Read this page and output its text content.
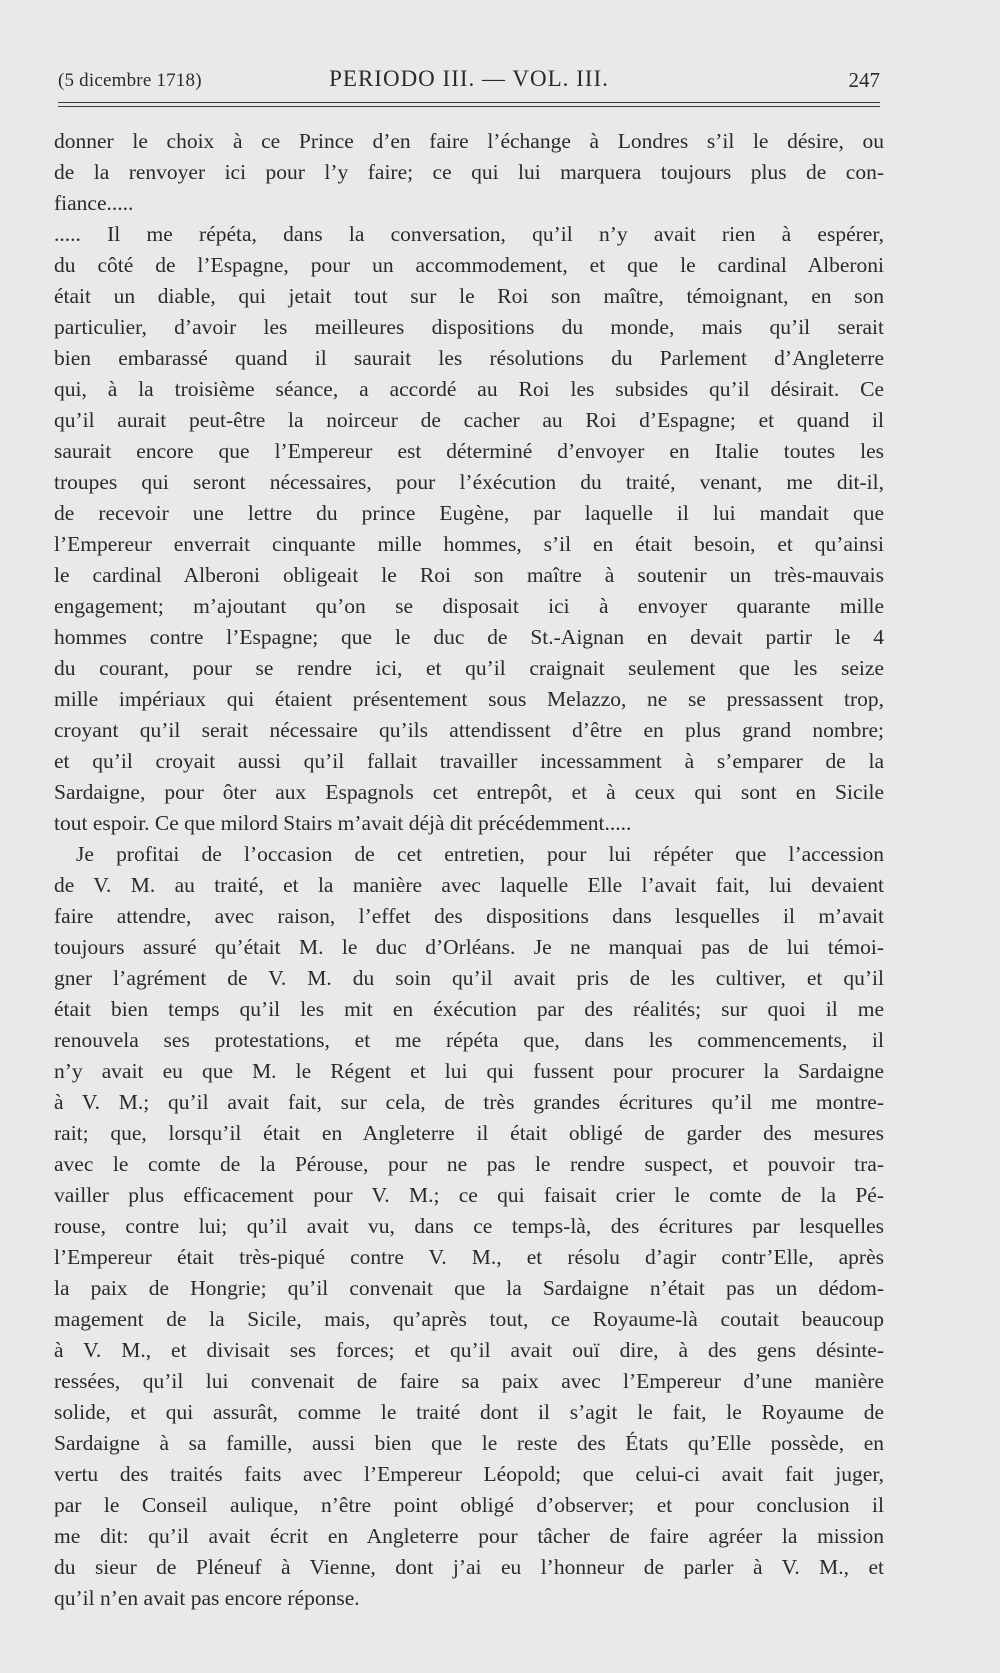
(5 dicembre 1718)	PERIODO III. — VOL. III.	247
donner le choix à ce Prince d’en faire l’échange à Londres s’il le désire, ou
de la renvoyer ici pour l’y faire; ce qui lui marquera toujours plus de con-
fiance.....
..... Il me répéta, dans la conversation, qu’il n’y avait rien à espérer,
du côté de l’Espagne, pour un accommodement, et que le cardinal Alberoni
était un diable, qui jetait tout sur le Roi son maître, témoignant, en son
particulier, d’avoir les meilleures dispositions du monde, mais qu’il serait
bien embarassé quand il saurait les résolutions du Parlement d’Angleterre
qui, à la troisième séance, a accordé au Roi les subsides qu’il désirait. Ce
qu’il aurait peut-être la noirceur de cacher au Roi d’Espagne; et quand il
saurait encore que l’Empereur est déterminé d’envoyer en Italie toutes les
troupes qui seront nécessaires, pour l’éxécution du traité, venant, me dit-il,
de recevoir une lettre du prince Eugène, par laquelle il lui mandait que
l’Empereur enverrait cinquante mille hommes, s’il en était besoin, et qu’ainsi
le cardinal Alberoni obligeait le Roi son maître à soutenir un très-mauvais
engagement; m’ajoutant qu’on se disposait ici à envoyer quarante mille
hommes contre l’Espagne; que le duc de St.-Aignan en devait partir le 4
du courant, pour se rendre ici, et qu’il craignait seulement que les seize
mille impériaux qui étaient présentement sous Melazzo, ne se pressassent trop,
croyant qu’il serait nécessaire qu’ils attendissent d’être en plus grand nombre;
et qu’il croyait aussi qu’il fallait travailler incessamment à s’emparer de la
Sardaigne, pour ôter aux Espagnols cet entrepôt, et à ceux qui sont en Sicile
tout espoir. Ce que milord Stairs m’avait déjà dit précédemment.....
Je profitai de l’occasion de cet entretien, pour lui répéter que l’accession
de V. M. au traité, et la manière avec laquelle Elle l’avait fait, lui devaient
faire attendre, avec raison, l’effet des dispositions dans lesquelles il m’avait
toujours assuré qu’était M. le duc d’Orléans. Je ne manquai pas de lui témoi-
gner l’agrément de V. M. du soin qu’il avait pris de les cultiver, et qu’il
était bien temps qu’il les mit en éxécution par des réalités; sur quoi il me
renouvela ses protestations, et me répéta que, dans les commencements, il
n’y avait eu que M. le Régent et lui qui fussent pour procurer la Sardaigne
à V. M.; qu’il avait fait, sur cela, de très grandes écritures qu’il me montre-
rait; que, lorsqu’il était en Angleterre il était obligé de garder des mesures
avec le comte de la Pérouse, pour ne pas le rendre suspect, et pouvoir tra-
vailler plus efficacement pour V. M.; ce qui faisait crier le comte de la Pé-
rouse, contre lui; qu’il avait vu, dans ce temps-là, des écritures par lesquelles
l’Empereur était très-piqué contre V. M., et résolu d’agir contr’Elle, après
la paix de Hongrie; qu’il convenait que la Sardaigne n’était pas un dédom-
magement de la Sicile, mais, qu’après tout, ce Royaume-là coutait beaucoup
à V. M., et divisait ses forces; et qu’il avait ouï dire, à des gens désinte-
ressées, qu’il lui convenait de faire sa paix avec l’Empereur d’une manière
solide, et qui assurât, comme le traité dont il s’agit le fait, le Royaume de
Sardaigne à sa famille, aussi bien que le reste des États qu’Elle possède, en
vertu des traités faits avec l’Empereur Léopold; que celui-ci avait fait juger,
par le Conseil aulique, n’être point obligé d’observer; et pour conclusion il
me dit: qu’il avait écrit en Angleterre pour tâcher de faire agréer la mission
du sieur de Pléneuf à Vienne, dont j’ai eu l’honneur de parler à V. M., et
qu’il n’en avait pas encore réponse.
